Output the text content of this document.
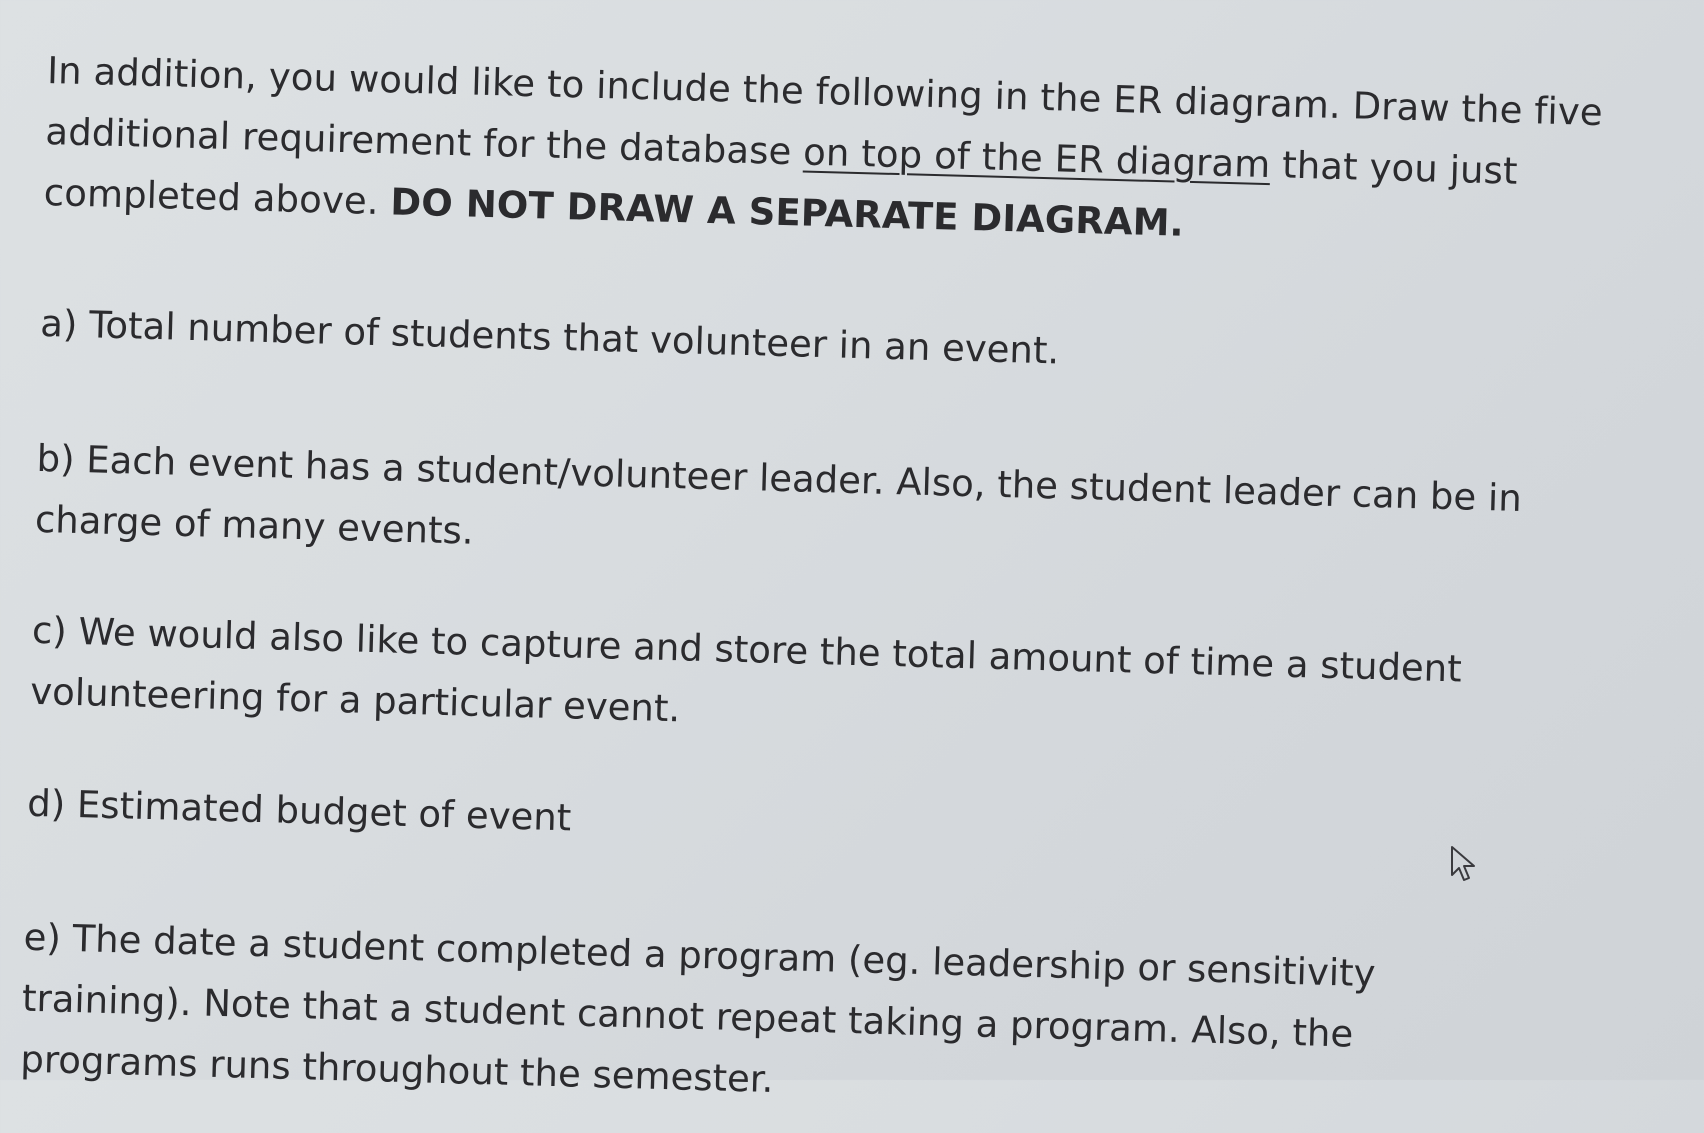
In addition, you would like to include the following in the ER diagram. Draw the five additional requirement for the database on top of the ER diagram that you just completed above. DO NOT DRAW A SEPARATE DIAGRAM.

a) Total number of students that volunteer in an event.

b) Each event has a student/volunteer leader. Also, the student leader can be in charge of many events.

c) We would also like to capture and store the total amount of time a student volunteering for a particular event.

d) Estimated budget of event

e) The date a student completed a program (eg. leadership or sensitivity training). Note that a student cannot repeat taking a program. Also, the programs runs throughout the semester.
